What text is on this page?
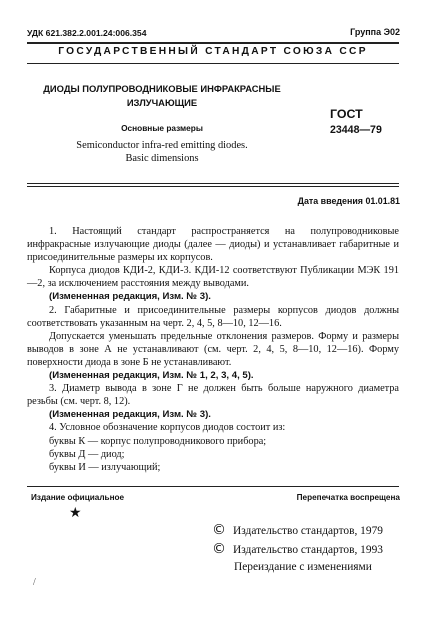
УДК 621.382.2.001.24:006.354	Группа Э02
ГОСУДАРСТВЕННЫЙ СТАНДАРТ СОЮЗА ССР
ДИОДЫ ПОЛУПРОВОДНИКОВЫЕ ИНФРАКРАСНЫЕ
ИЗЛУЧАЮЩИЕ
Основные размеры
Semiconductor infra-red emitting diodes.
Basic dimensions
ГОСТ
23448—79
Дата введения 01.01.81

1. Настоящий стандарт распространяется на полупроводниковые инфракрасные излучающие диоды (далее — диоды) и устанавливает габаритные и присоединительные размеры их корпусов.

Корпуса диодов КДИ-2, КДИ-3. КДИ-12 соответствуют Публикации МЭК 191—2, за исключением расстояния между выводами.

(Измененная редакция, Изм. № 3).

2. Габаритные и присоединительные размеры корпусов диодов должны соответствовать указанным на черт. 2, 4, 5, 8—10, 12—16.

Допускается уменьшать предельные отклонения размеров. Форму и размеры выводов в зоне А не устанавливают (см. черт. 2, 4, 5, 8—10, 12—16). Форму поверхности диода в зоне Б не устанавливают.

(Измененная редакция, Изм. № 1, 2, 3, 4, 5).

3. Диаметр вывода в зоне Г не должен быть больше наружного диаметра резьбы (см. черт. 8, 12).

(Измененная редакция, Изм. № 3).

4. Условное обозначение корпусов диодов состоит из:

буквы К — корпус полупроводникового прибора;

буквы Д — диод;

буквы И — излучающий;

Издание официальное	Перепечатка воспрещена
★
© Издательство стандартов, 1979
© Издательство стандартов, 1993
Переиздание с изменениями
/
